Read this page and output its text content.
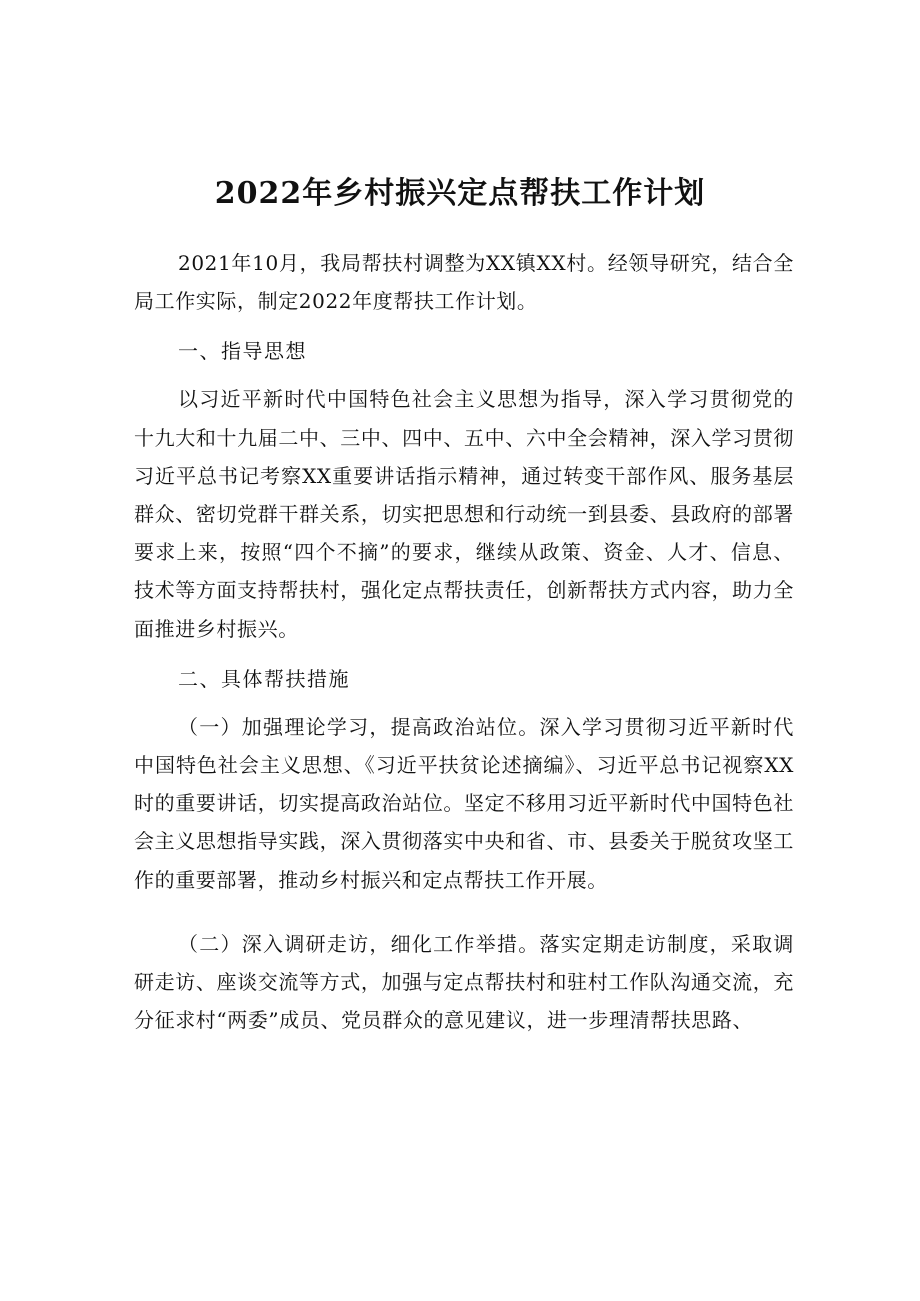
2022年乡村振兴定点帮扶工作计划

2021年10月，我局帮扶村调整为XX镇XX村。经领导研究，结合全局工作实际，制定2022年度帮扶工作计划。

一、指导思想

以习近平新时代中国特色社会主义思想为指导，深入学习贯彻党的十九大和十九届二中、三中、四中、五中、六中全会精神，深入学习贯彻习近平总书记考察XX重要讲话指示精神，通过转变干部作风、服务基层群众、密切党群干群关系，切实把思想和行动统一到县委、县政府的部署要求上来，按照“四个不摘”的要求，继续从政策、资金、人才、信息、技术等方面支持帮扶村，强化定点帮扶责任，创新帮扶方式内容，助力全面推进乡村振兴。

二、具体帮扶措施

（一）加强理论学习，提高政治站位。深入学习贯彻习近平新时代中国特色社会主义思想、《习近平扶贫论述摘编》、习近平总书记视察XX时的重要讲话，切实提高政治站位。坚定不移用习近平新时代中国特色社会主义思想指导实践，深入贯彻落实中央和省、市、县委关于脱贫攻坚工作的重要部署，推动乡村振兴和定点帮扶工作开展。

（二）深入调研走访，细化工作举措。落实定期走访制度，采取调研走访、座谈交流等方式，加强与定点帮扶村和驻村工作队沟通交流，充分征求村“两委”成员、党员群众的意见建议，进一步理清帮扶思路、
